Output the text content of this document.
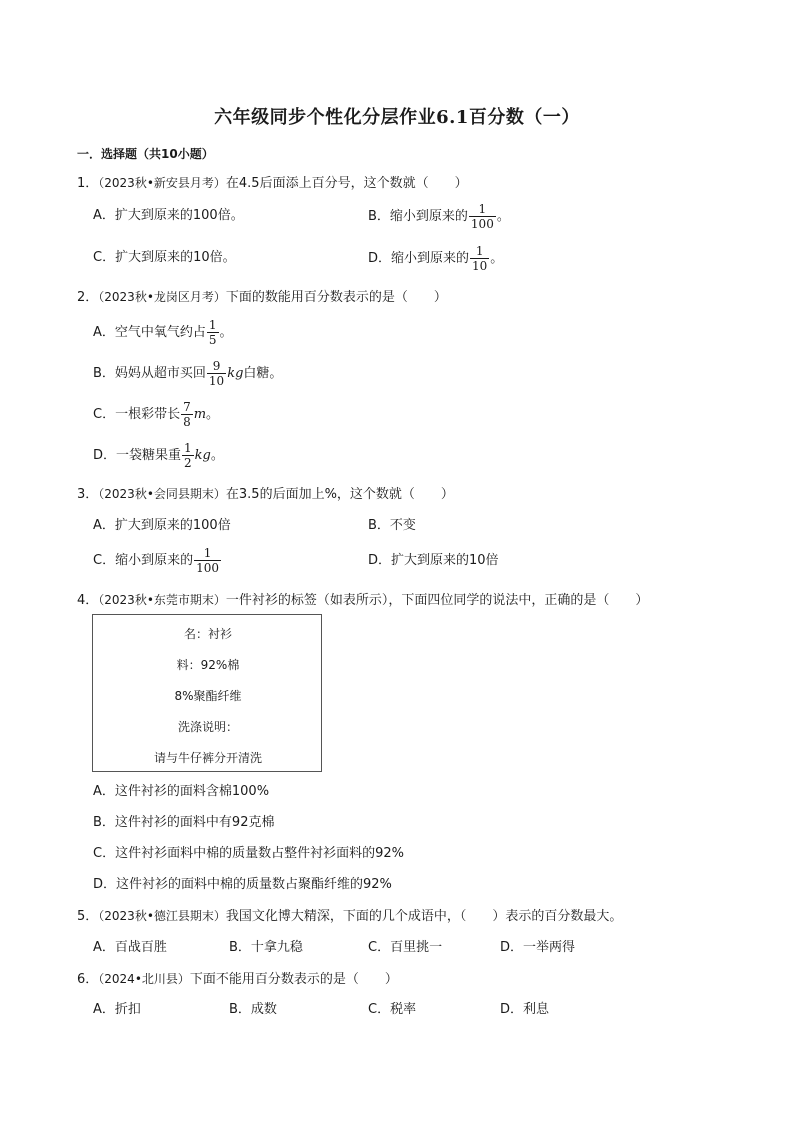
六年级同步个性化分层作业6.1百分数（一）
一．选择题（共10小题）
1．（2023秋•新安县月考）在4.5后面添上百分号，这个数就（　　）
A．扩大到原来的100倍。	B．缩小到原来的 $\frac{1}{100}$ 。
C．扩大到原来的10倍。	D．缩小到原来的 $\frac{1}{10}$ 。
2．（2023秋•龙岗区月考）下面的数能用百分数表示的是（　　）
A．空气中氧气约占 $\frac{1}{5}$ 。
B．妈妈从超市买回 $\frac{9}{10}$ kg白糖。
C．一根彩带长 $\frac{7}{8}$ m。
D．一袋糖果重 $\frac{1}{2}$ kg。
3．（2023秋•会同县期末）在3.5的后面加上%，这个数就（　　）
A．扩大到原来的100倍	B．不变
C．缩小到原来的 $\frac{1}{100}$	D．扩大到原来的10倍
4．（2023秋•东莞市期末）一件衬衫的标签（如表所示），下面四位同学的说法中，正确的是（　　）
名：衬衫
料：92%棉
8%聚酯纤维
洗涤说明：
请与牛仔裤分开清洗
A．这件衬衫的面料含棉100%
B．这件衬衫的面料中有92克棉
C．这件衬衫面料中棉的质量数占整件衬衫面料的92%
D．这件衬衫的面料中棉的质量数占聚酯纤维的92%
5．（2023秋•德江县期末）我国文化博大精深，下面的几个成语中，（　　）表示的百分数最大。
A．百战百胜	B．十拿九稳	C．百里挑一	D．一举两得
6．（2024•北川县）下面不能用百分数表示的是（　　）
A．折扣	B．成数	C．税率	D．利息
